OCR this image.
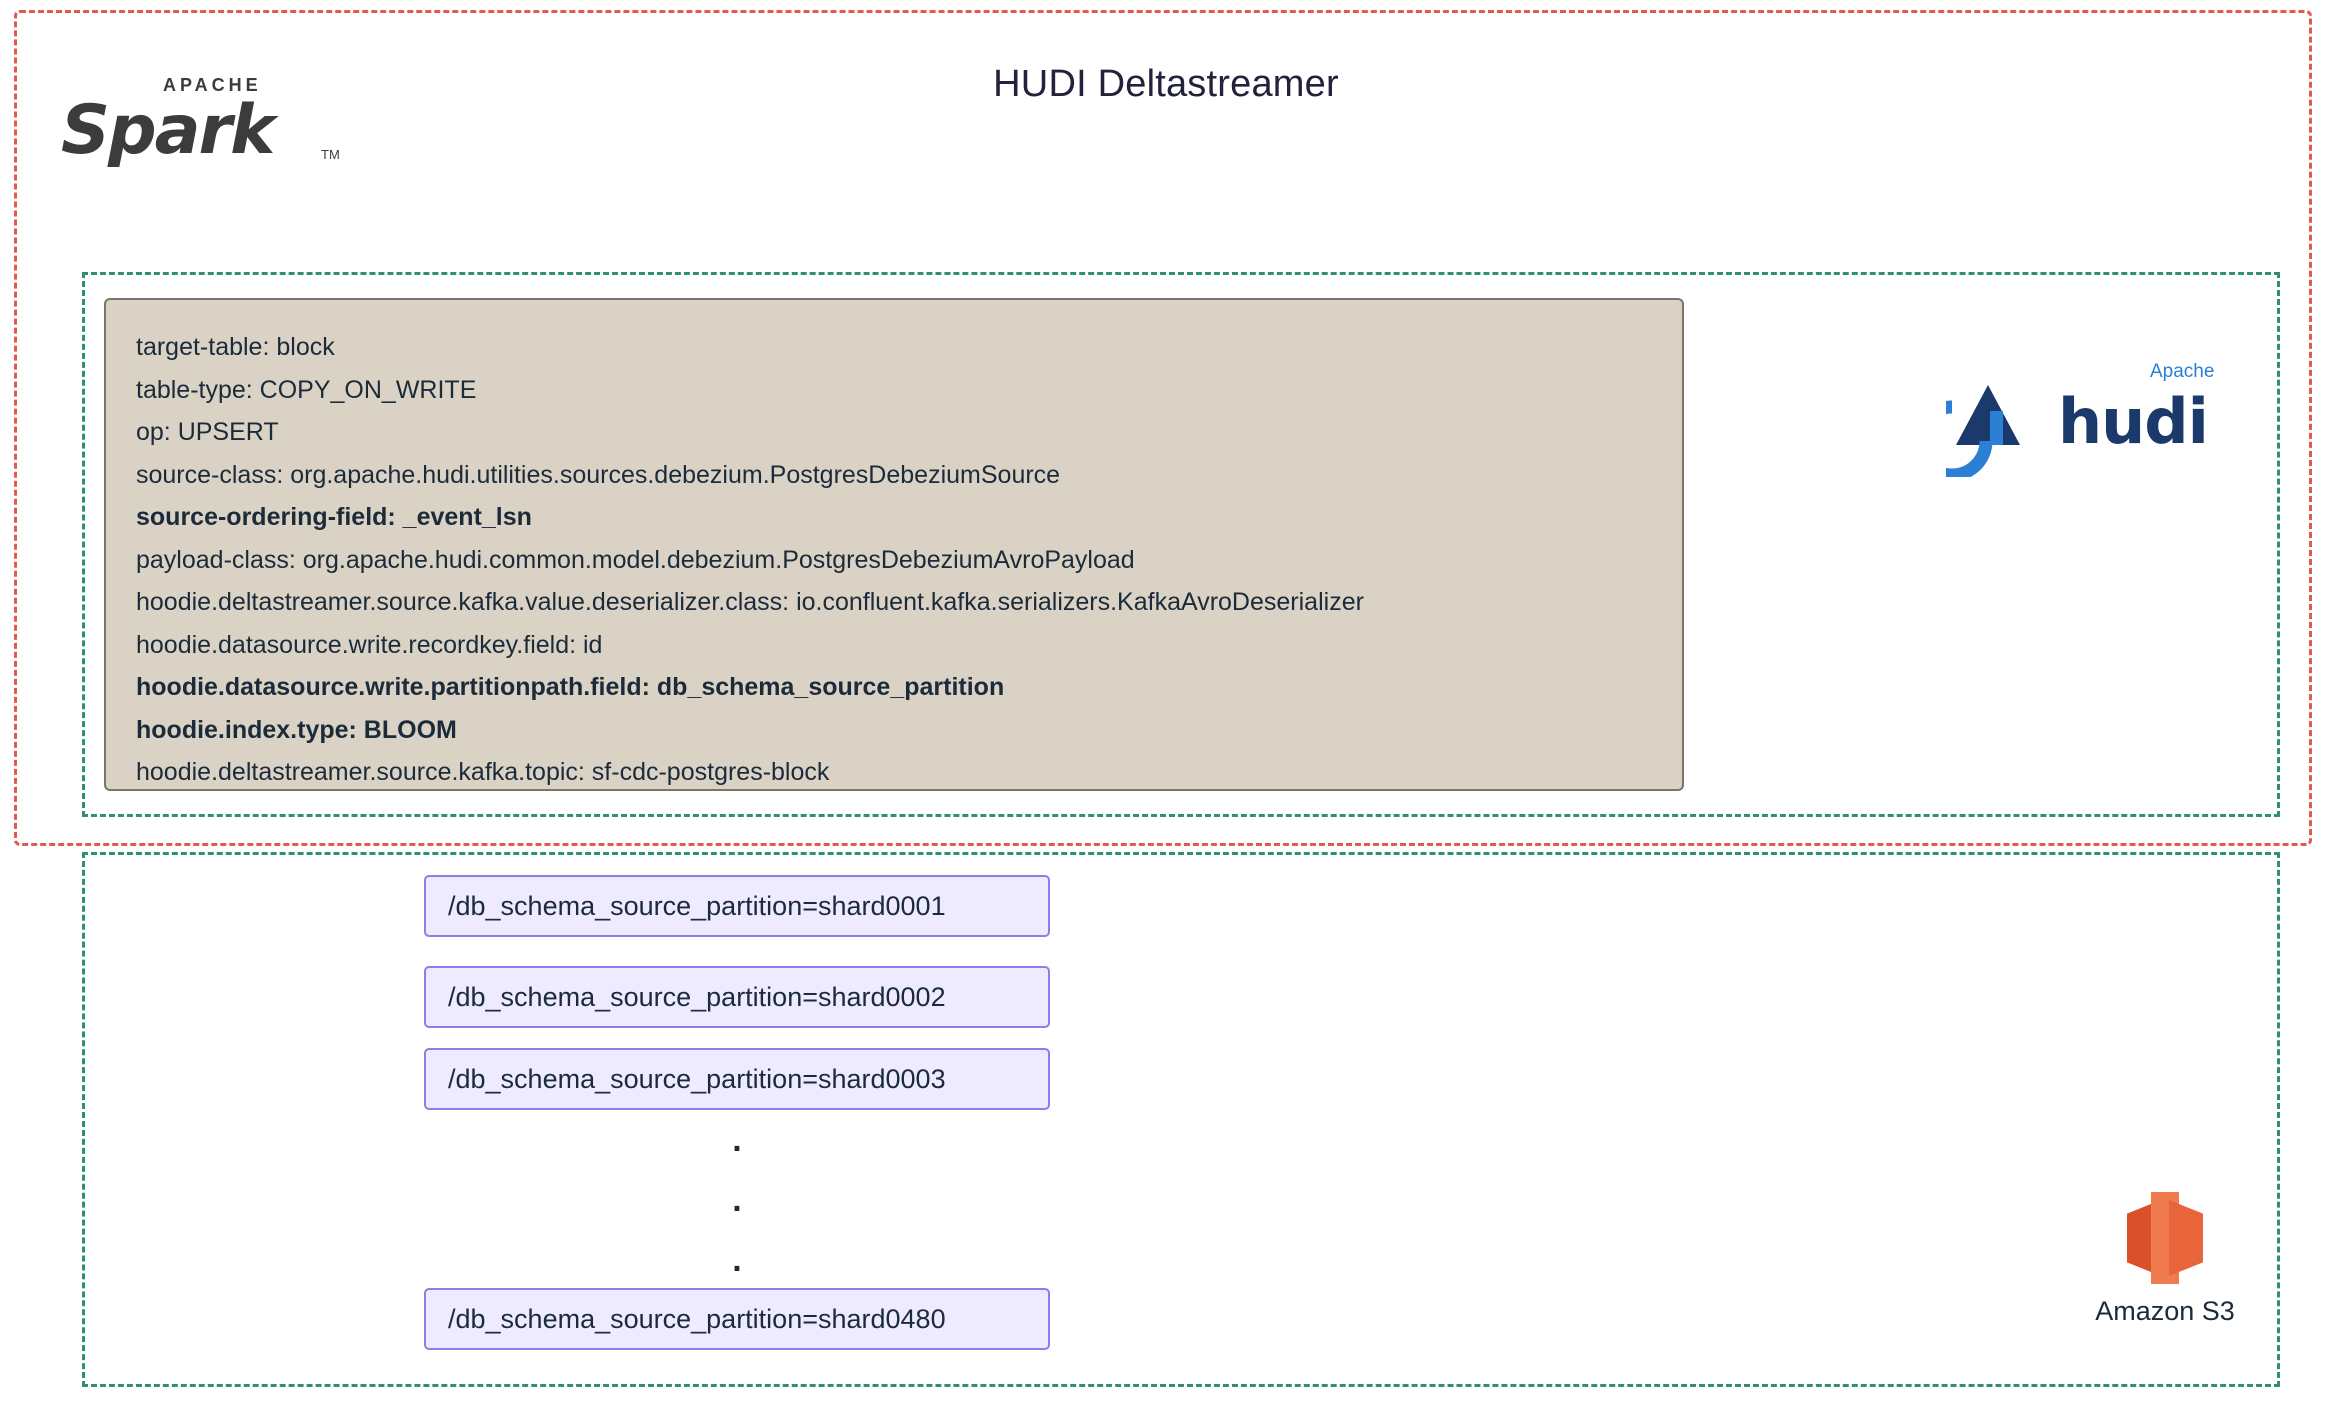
HUDI Deltastreamer
APACHE
Spark	TM
target-table: block
table-type: COPY_ON_WRITE
op: UPSERT
source-class: org.apache.hudi.utilities.sources.debezium.PostgresDebeziumSource
source-ordering-field: _event_lsn
payload-class: org.apache.hudi.common.model.debezium.PostgresDebeziumAvroPayload
hoodie.deltastreamer.source.kafka.value.deserializer.class: io.confluent.kafka.serializers.KafkaAvroDeserializer
hoodie.datasource.write.recordkey.field: id
hoodie.datasource.write.partitionpath.field: db_schema_source_partition
hoodie.index.type: BLOOM
hoodie.deltastreamer.source.kafka.topic: sf-cdc-postgres-block
Apache
hudi
/db_schema_source_partition=shard0001
/db_schema_source_partition=shard0002
/db_schema_source_partition=shard0003
.
.
.
/db_schema_source_partition=shard0480	Amazon S3
